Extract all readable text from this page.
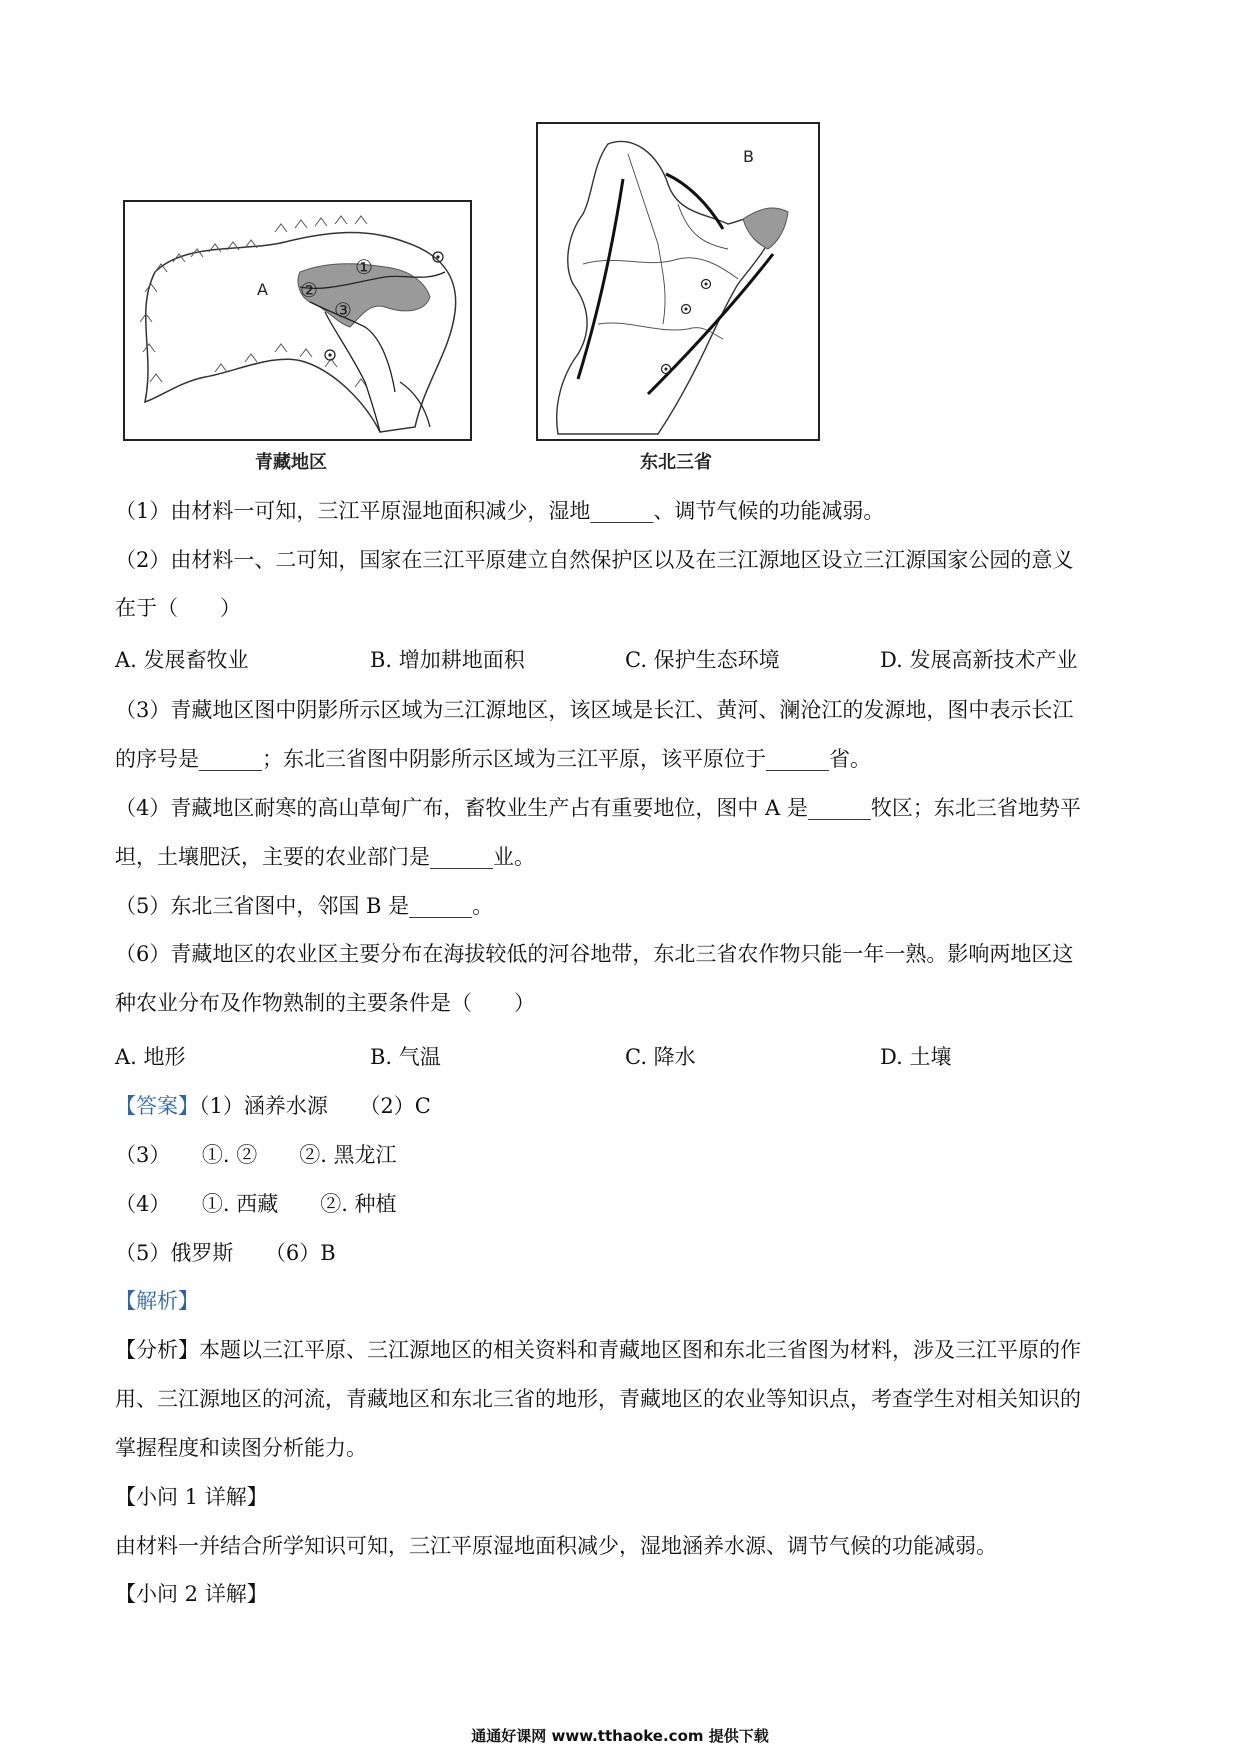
A
①
②
③
青藏地区
B
东北三省
（1）由材料一可知，三江平原湿地面积减少，湿地______、调节气候的功能减弱。
（2）由材料一、二可知，国家在三江平原建立自然保护区以及在三江源地区设立三江源国家公园的意义
在于（　　）
A. 发展畜牧业	B. 增加耕地面积	C. 保护生态环境	D. 发展高新技术产业
（3）青藏地区图中阴影所示区域为三江源地区，该区域是长江、黄河、澜沧江的发源地，图中表示长江
的序号是______；东北三省图中阴影所示区域为三江平原，该平原位于______省。
（4）青藏地区耐寒的高山草甸广布，畜牧业生产占有重要地位，图中 A 是______牧区；东北三省地势平
坦，土壤肥沃，主要的农业部门是______业。
（5）东北三省图中，邻国 B 是______。
（6）青藏地区的农业区主要分布在海拔较低的河谷地带，东北三省农作物只能一年一熟。影响两地区这
种农业分布及作物熟制的主要条件是（　　）
A. 地形	B. 气温	C. 降水	D. 土壤
【答案】（1）涵养水源　　（2）C
（3）　　①. ②　　②. 黑龙江
（4）　　①. 西藏　　②. 种植
（5）俄罗斯　　（6）B
【解析】
【分析】本题以三江平原、三江源地区的相关资料和青藏地区图和东北三省图为材料，涉及三江平原的作
用、三江源地区的河流，青藏地区和东北三省的地形，青藏地区的农业等知识点，考查学生对相关知识的
掌握程度和读图分析能力。
【小问 1 详解】
由材料一并结合所学知识可知，三江平原湿地面积减少，湿地涵养水源、调节气候的功能减弱。
【小问 2 详解】
通通好课网 www.tthaoke.com 提供下载
